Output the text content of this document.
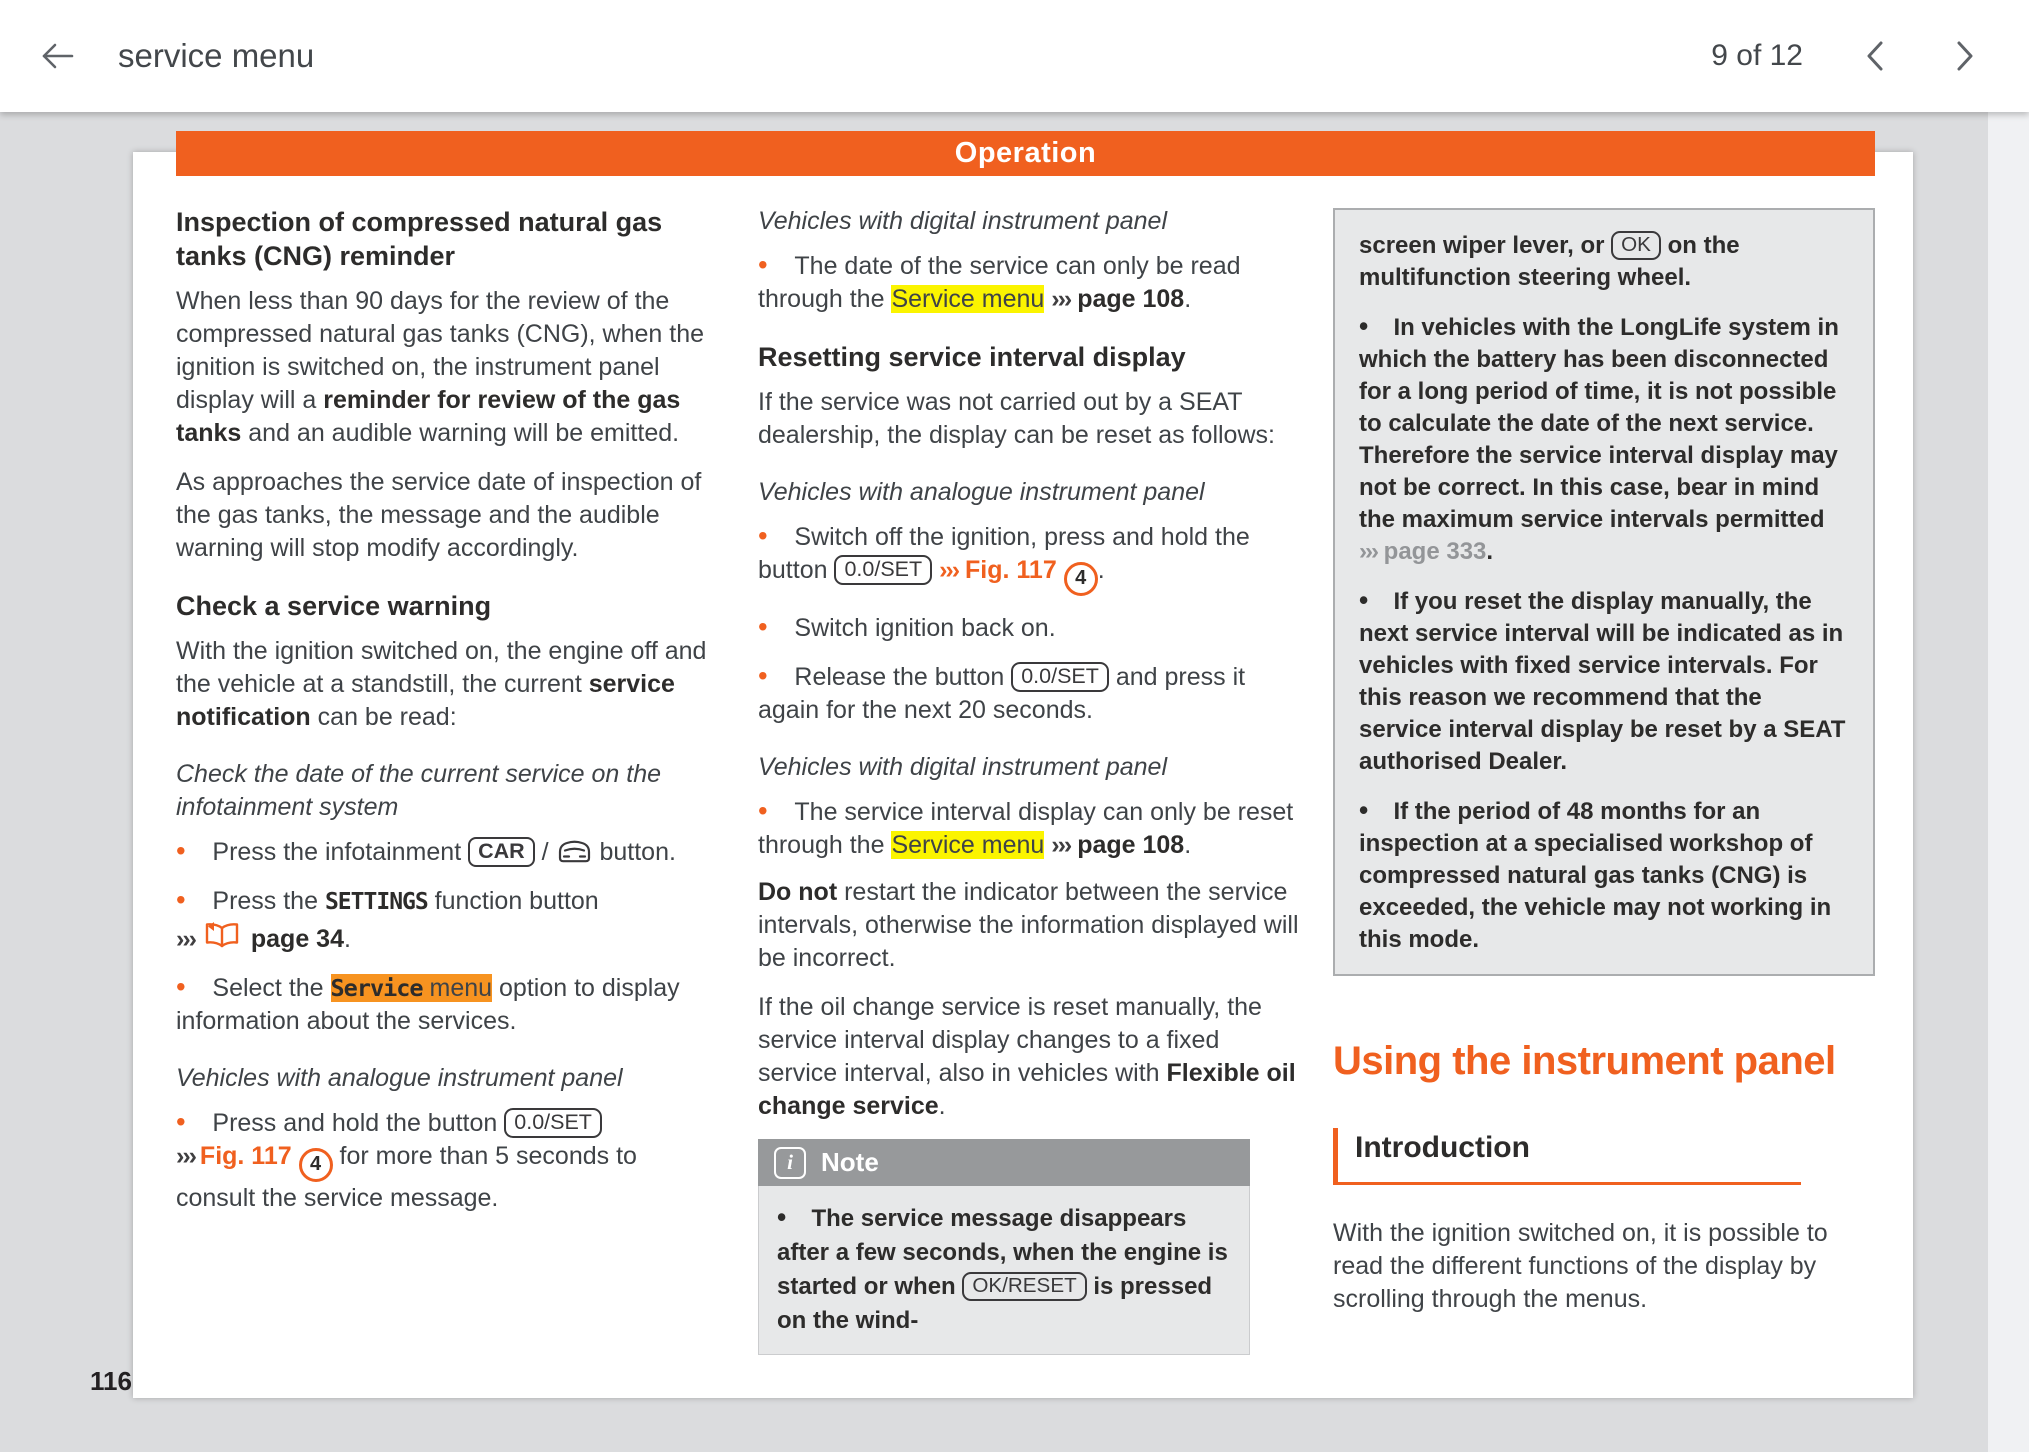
service menu	9 of 12
Operation
116
Inspection of compressed natural gas tanks (CNG) reminder

When less than 90 days for the review of the compressed natural gas tanks (CNG), when the ignition is switched on, the instrument panel display will a reminder for review of the gas tanks and an audible warning will be emitted.

As approaches the service date of inspection of the gas tanks, the message and the audible warning will stop modify accordingly.

Check a service warning

With the ignition switched on, the engine off and the vehicle at a standstill, the current service notification can be read:

Check the date of the current service on the infotainment system

• Press the infotainment CAR /  button.

• Press the SETTINGS function button
›››  page 34.

• Select the Service menu option to display information about the services.

Vehicles with analogue instrument panel

• Press and hold the button 0.0/SET
››› Fig. 117 4 for more than 5 seconds to consult the service message.

Vehicles with digital instrument panel

• The date of the service can only be read through the Service menu ››› page 108.

Resetting service interval display

If the service was not carried out by a SEAT dealership, the display can be reset as follows:

Vehicles with analogue instrument panel

• Switch off the ignition, press and hold the button 0.0/SET ››› Fig. 117 4 .

• Switch ignition back on.

• Release the button 0.0/SET and press it again for the next 20 seconds.

Vehicles with digital instrument panel

• The service interval display can only be reset through the Service menu ››› page 108.

Do not restart the indicator between the service intervals, otherwise the information displayed will be incorrect.

If the oil change service is reset manually, the service interval display changes to a fixed service interval, also in vehicles with Flexible oil change service.

i	Note

• The service message disappears after a few seconds, when the engine is started or when OK/RESET is pressed on the wind-

screen wiper lever, or OK on the multifunction steering wheel.

• In vehicles with the LongLife system in which the battery has been disconnected for a long period of time, it is not possible to calculate the date of the next service. Therefore the service interval display may not be correct. In this case, bear in mind the maximum service intervals permitted ››› page 333.

• If you reset the display manually, the next service interval will be indicated as in vehicles with fixed service intervals. For this reason we recommend that the service interval display be reset by a SEAT authorised Dealer.

• If the period of 48 months for an inspection at a specialised workshop of compressed natural gas tanks (CNG) is exceeded, the vehicle may not working in this mode.

Using the instrument panel
Introduction

With the ignition switched on, it is possible to read the different functions of the display by scrolling through the menus.
